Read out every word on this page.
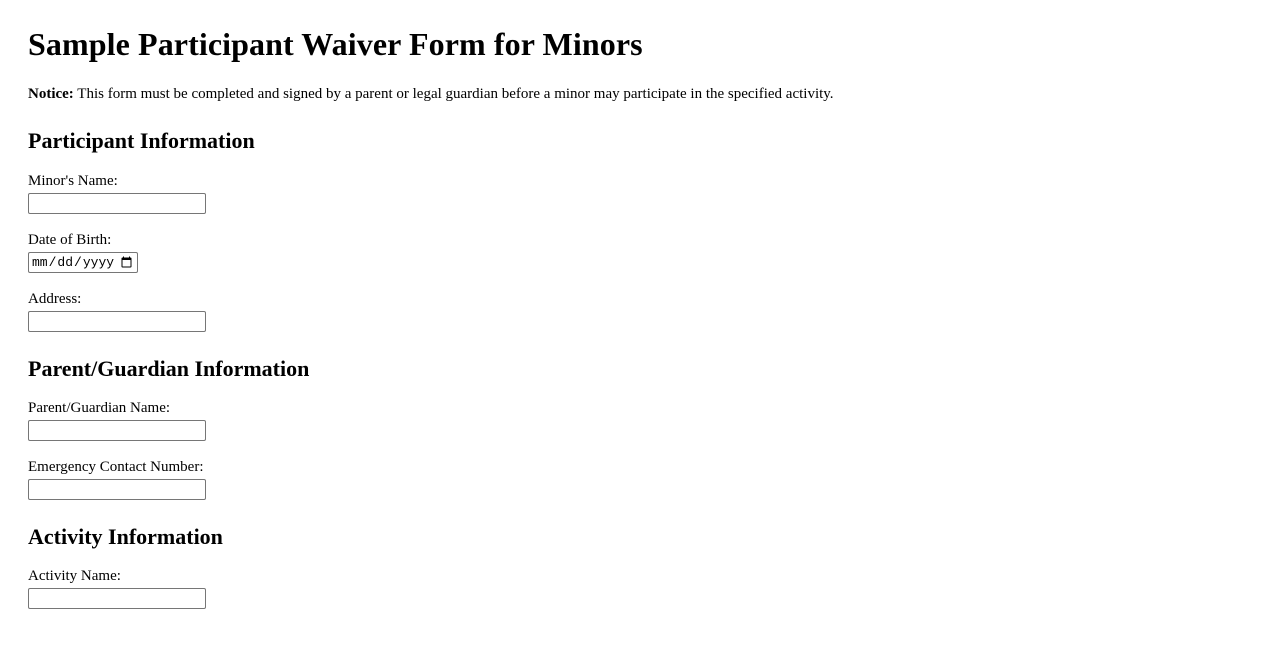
Sample Participant Waiver Form for Minors

Notice: This form must be completed and signed by a parent or legal guardian before a minor may participate in the specified activity.

Participant Information
Minor's Name:
Date of Birth:
Address:
Parent/Guardian Information
Parent/Guardian Name:
Emergency Contact Number:
Activity Information
Activity Name:
